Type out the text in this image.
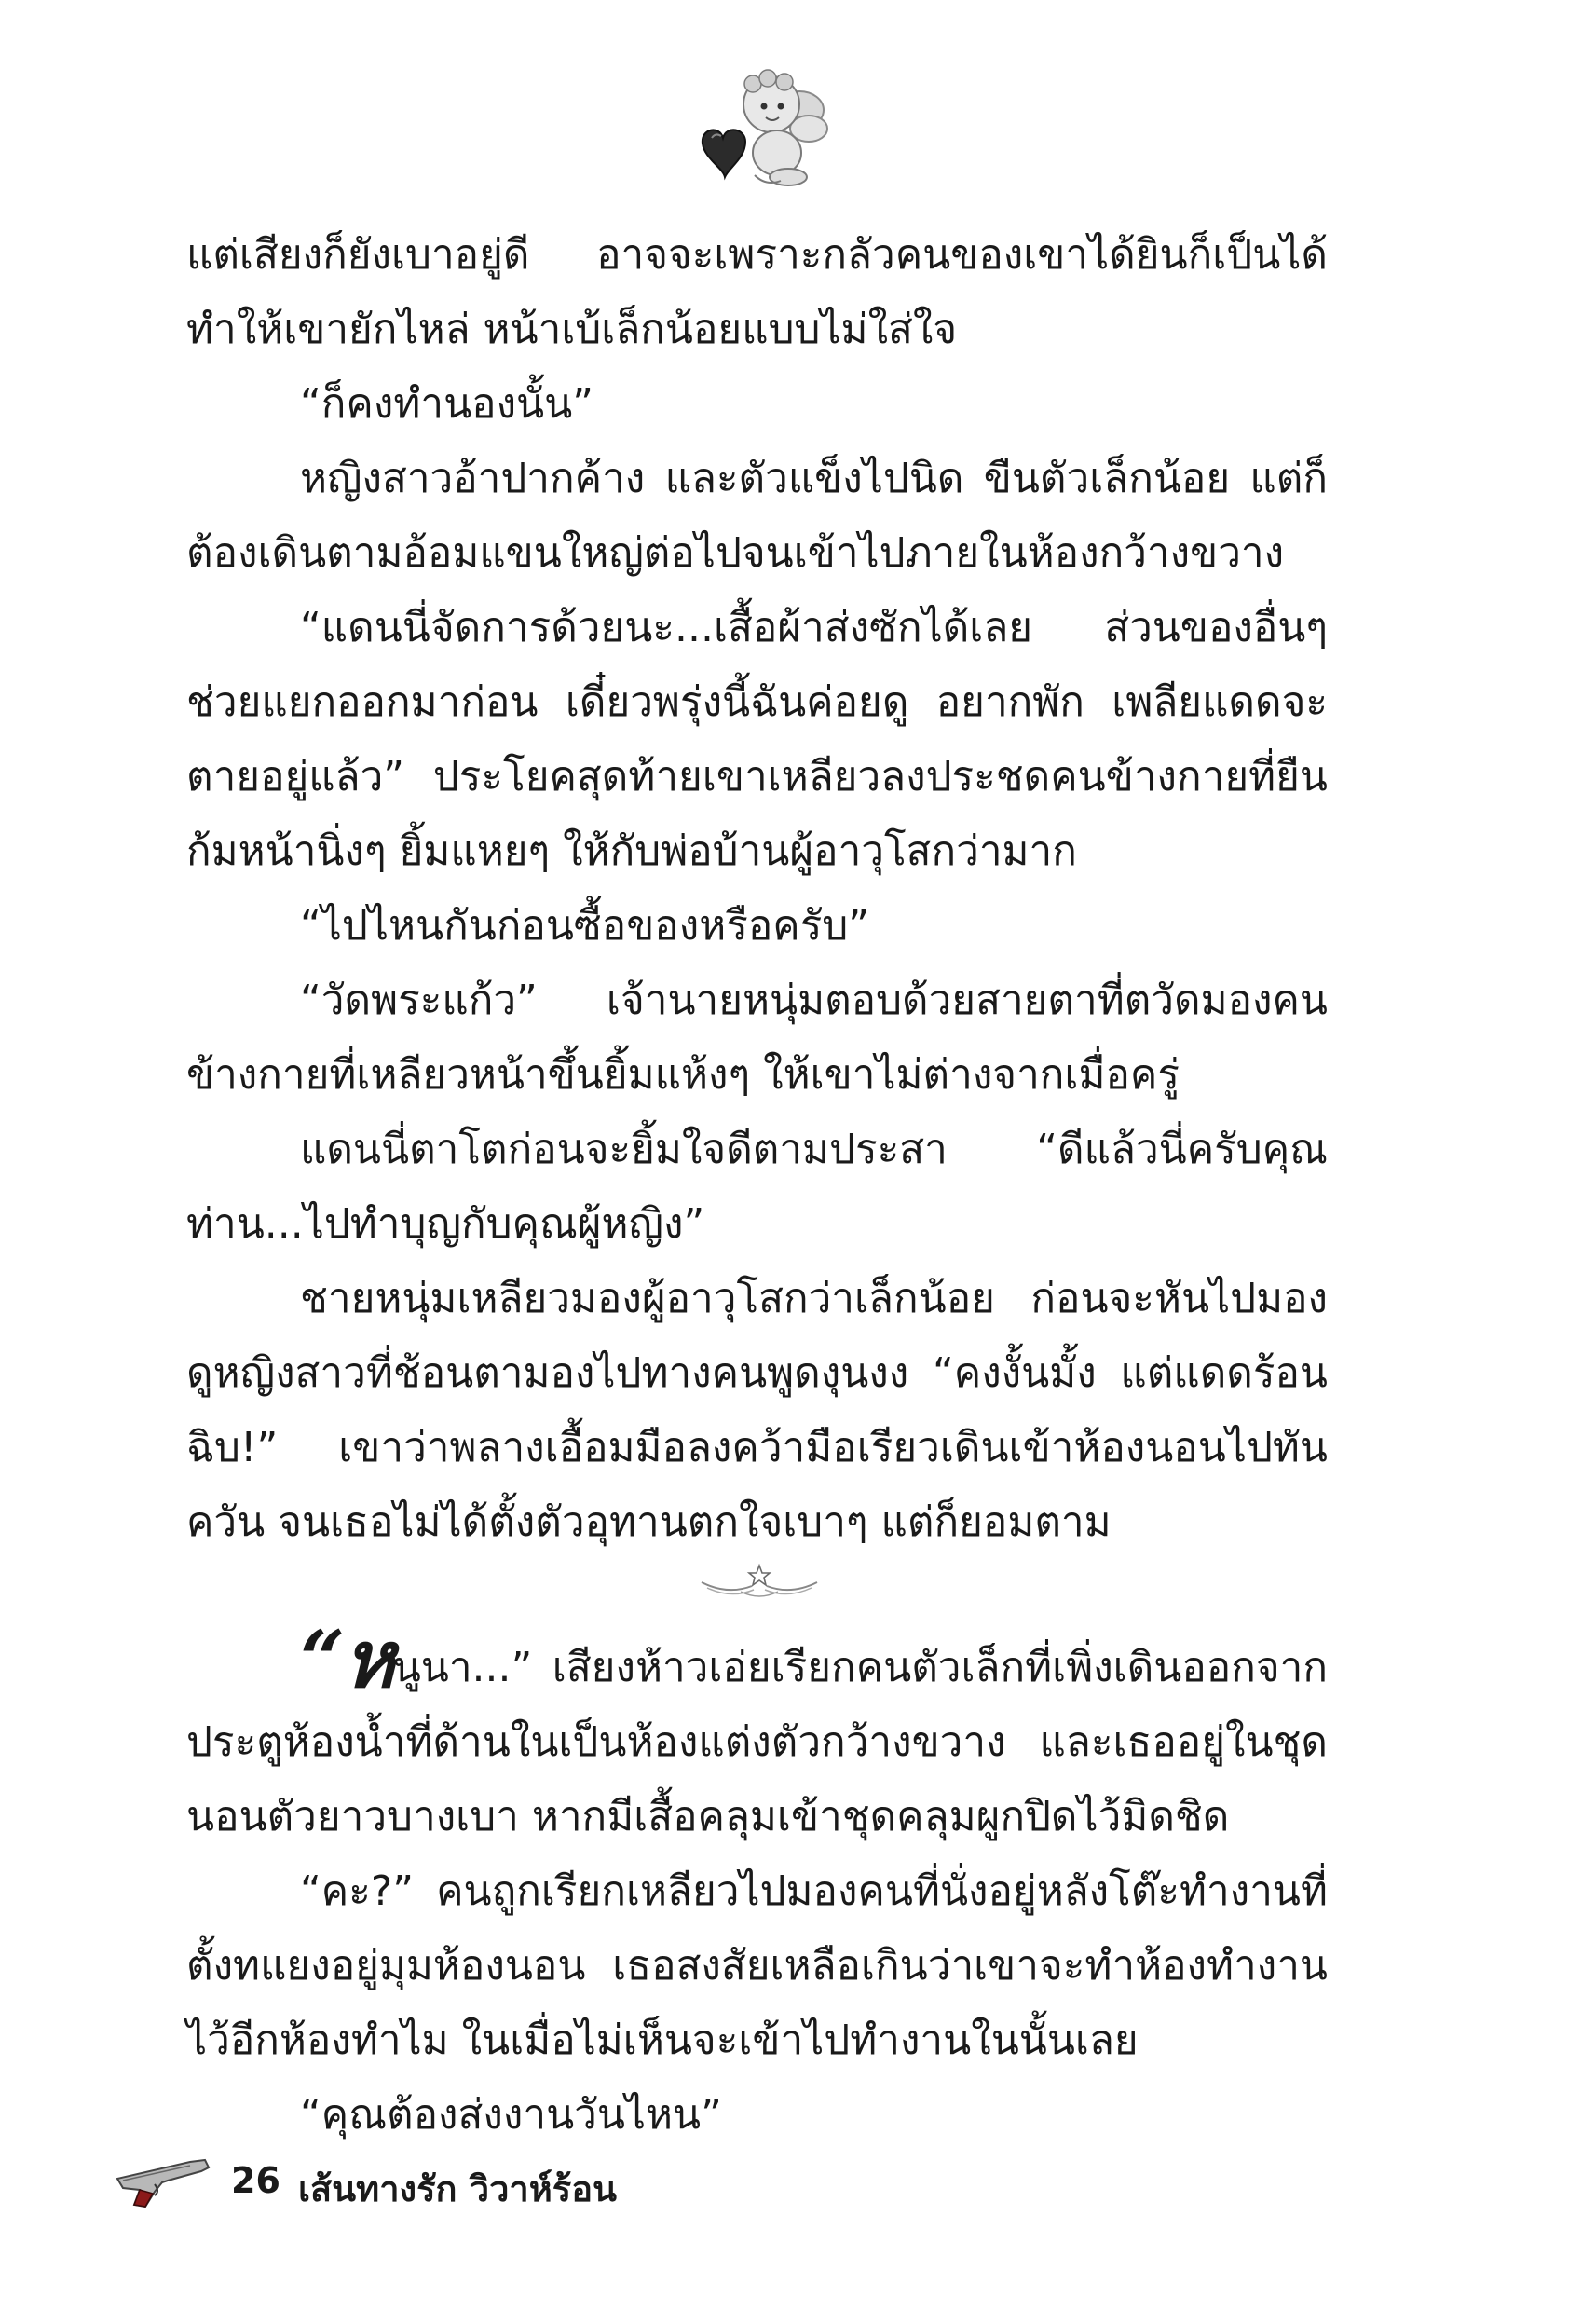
แต่เสียงก็ยังเบาอยู่ดี อาจจะเพราะกลัวคนของเขาได้ยินก็เป็นได้ ทำให้เขายักไหล่ หน้าเบ้เล็กน้อยแบบไม่ใส่ใจ

“ก็คงทำนองนั้น”

หญิงสาวอ้าปากค้าง และตัวแข็งไปนิด ขืนตัวเล็กน้อย แต่ก็ต้องเดินตามอ้อมแขนใหญ่ต่อไปจนเข้าไปภายในห้องกว้างขวาง

“แดนนี่จัดการด้วยนะ...เสื้อผ้าส่งซักได้เลย ส่วนของอื่นๆ ช่วยแยกออกมาก่อน เดี๋ยวพรุ่งนี้ฉันค่อยดู อยากพัก เพลียแดดจะตายอยู่แล้ว” ประโยคสุดท้ายเขาเหลียวลงประชดคนข้างกายที่ยืนก้มหน้านิ่งๆ ยิ้มแหยๆ ให้กับพ่อบ้านผู้อาวุโสกว่ามาก

“ไปไหนกันก่อนซื้อของหรือครับ”

“วัดพระแก้ว” เจ้านายหนุ่มตอบด้วยสายตาที่ตวัดมองคนข้างกายที่เหลียวหน้าขึ้นยิ้มแห้งๆ ให้เขาไม่ต่างจากเมื่อครู่

แดนนี่ตาโตก่อนจะยิ้มใจดีตามประสา “ดีแล้วนี่ครับคุณท่าน...ไปทำบุญกับคุณผู้หญิง”

ชายหนุ่มเหลียวมองผู้อาวุโสกว่าเล็กน้อย ก่อนจะหันไปมองดูหญิงสาวที่ช้อนตามองไปทางคนพูดงุนงง “คงงั้นมั้ง แต่แดดร้อนฉิบ!” เขาว่าพลางเอื้อมมือลงคว้ามือเรียวเดินเข้าห้องนอนไปทันควัน จนเธอไม่ได้ตั้งตัวอุทานตกใจเบาๆ แต่ก็ยอมตาม

“หนูนา...” เสียงห้าวเอ่ยเรียกคนตัวเล็กที่เพิ่งเดินออกจากประตูห้องน้ำที่ด้านในเป็นห้องแต่งตัวกว้างขวาง และเธออยู่ในชุดนอนตัวยาวบางเบา หากมีเสื้อคลุมเข้าชุดคลุมผูกปิดไว้มิดชิด

“คะ?” คนถูกเรียกเหลียวไปมองคนที่นั่งอยู่หลังโต๊ะทำงานที่ตั้งทแยงอยู่มุมห้องนอน เธอสงสัยเหลือเกินว่าเขาจะทำห้องทำงานไว้อีกห้องทำไม ในเมื่อไม่เห็นจะเข้าไปทำงานในนั้นเลย

“คุณต้องส่งงานวันไหน”

26 เส้นทางรัก วิวาห์ร้อน
